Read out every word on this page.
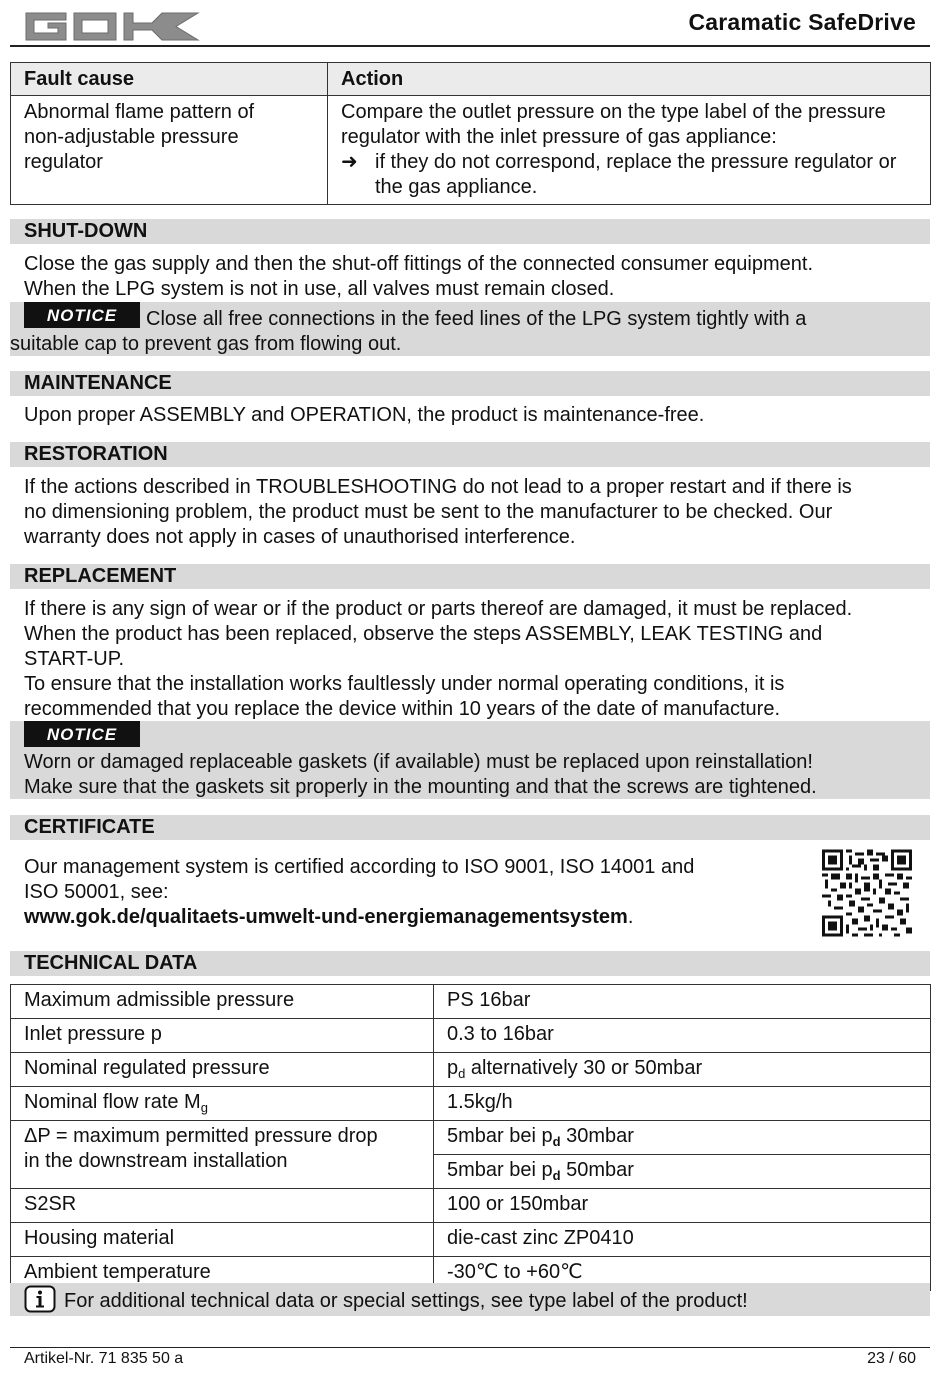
Caramatic SafeDrive
Fault cause	Action

Abnormal flame pattern of non-adjustable pressure regulator	Compare the outlet pressure on the type label of the pressure regulator with the inlet pressure of gas appliance:
➜ if they do not correspond, replace the pressure regulator or the gas appliance.
SHUT-DOWN
Close the gas supply and then the shut-off fittings of the connected consumer equipment.
When the LPG system is not in use, all valves must remain closed.
NOTICE	Close all free connections in the feed lines of the LPG system tightly with a
suitable cap to prevent gas from flowing out.
MAINTENANCE
Upon proper ASSEMBLY and OPERATION, the product is maintenance-free.
RESTORATION
If the actions described in TROUBLESHOOTING do not lead to a proper restart and if there is
no dimensioning problem, the product must be sent to the manufacturer to be checked. Our
warranty does not apply in cases of unauthorised interference.
REPLACEMENT
If there is any sign of wear or if the product or parts thereof are damaged, it must be replaced.
When the product has been replaced, observe the steps ASSEMBLY, LEAK TESTING and
START-UP.
To ensure that the installation works faultlessly under normal operating conditions, it is
recommended that you replace the device within 10 years of the date of manufacture.
NOTICE
Worn or damaged replaceable gaskets (if available) must be replaced upon reinstallation!
Make sure that the gaskets sit properly in the mounting and that the screws are tightened.
CERTIFICATE
Our management system is certified according to ISO 9001, ISO 14001 and
ISO 50001, see:
www.gok.de/qualitaets-umwelt-und-energiemanagementsystem.
TECHNICAL DATA
Maximum admissible pressure	PS 16bar
Inlet pressure p	0.3 to 16bar
Nominal regulated pressure	$p_d$ alternatively 30 or 50mbar
Nominal flow rate $M_g$	1.5kg/h

ΔP = maximum permitted pressure drop
in the downstream installation	5mbar bei $p_d$ 30mbar
	5mbar bei $p_d$ 50mbar
S2SR	100 or 150mbar
Housing material	die-cast zinc ZP0410
Ambient temperature	-30℃ to +60℃
For additional technical data or special settings, see type label of the product!
Artikel-Nr. 71 835 50 a	23 / 60
